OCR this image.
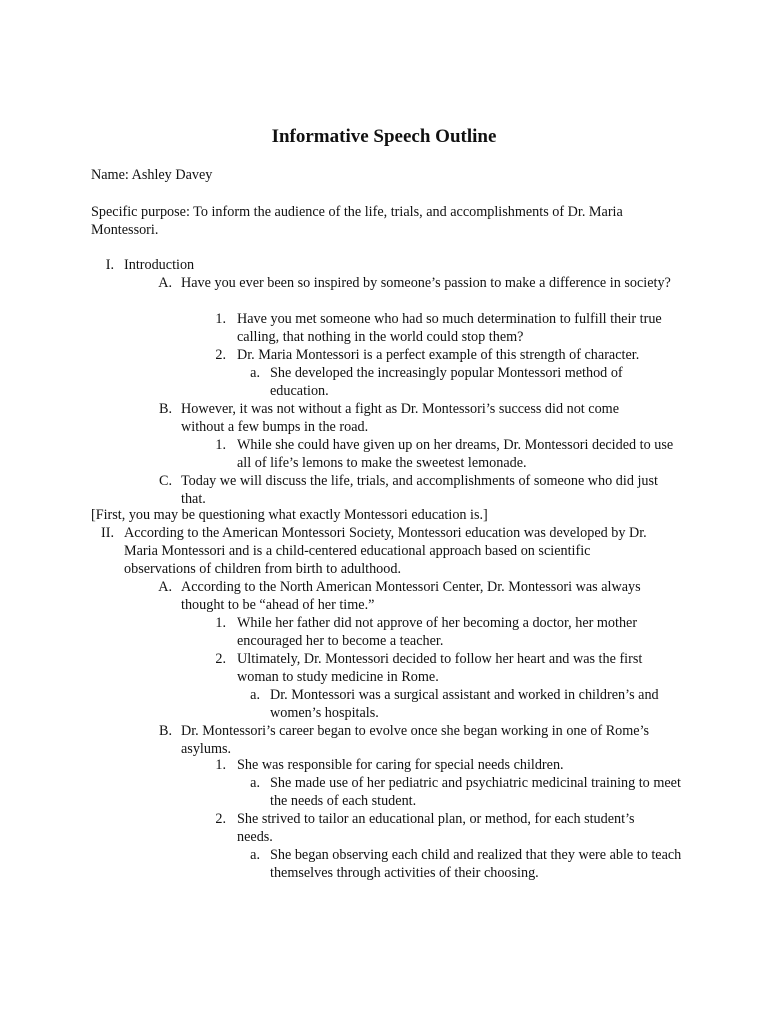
Informative Speech Outline
Name: Ashley Davey
Specific purpose: To inform the audience of the life, trials, and accomplishments of Dr. Maria
Montessori.
I. Introduction
A. Have you ever been so inspired by someone’s passion to make a difference in society?
1. Have you met someone who had so much determination to fulfill their true calling, that nothing in the world could stop them?
2. Dr. Maria Montessori is a perfect example of this strength of character.
a. She developed the increasingly popular Montessori method of education.
B. However, it was not without a fight as Dr. Montessori’s success did not come without a few bumps in the road.
1. While she could have given up on her dreams, Dr. Montessori decided to use all of life’s lemons to make the sweetest lemonade.
C. Today we will discuss the life, trials, and accomplishments of someone who did just that.
[First, you may be questioning what exactly Montessori education is.]
II. According to the American Montessori Society, Montessori education was developed by Dr. Maria Montessori and is a child-centered educational approach based on scientific observations of children from birth to adulthood.
A. According to the North American Montessori Center, Dr. Montessori was always thought to be “ahead of her time.”
1. While her father did not approve of her becoming a doctor, her mother encouraged her to become a teacher.
2. Ultimately, Dr. Montessori decided to follow her heart and was the first woman to study medicine in Rome.
a. Dr. Montessori was a surgical assistant and worked in children’s and women’s hospitals.
B. Dr. Montessori’s career began to evolve once she began working in one of Rome’s asylums.
1. She was responsible for caring for special needs children.
a. She made use of her pediatric and psychiatric medicinal training to meet the needs of each student.
2. She strived to tailor an educational plan, or method, for each student’s needs.
a. She began observing each child and realized that they were able to teach themselves through activities of their choosing.
